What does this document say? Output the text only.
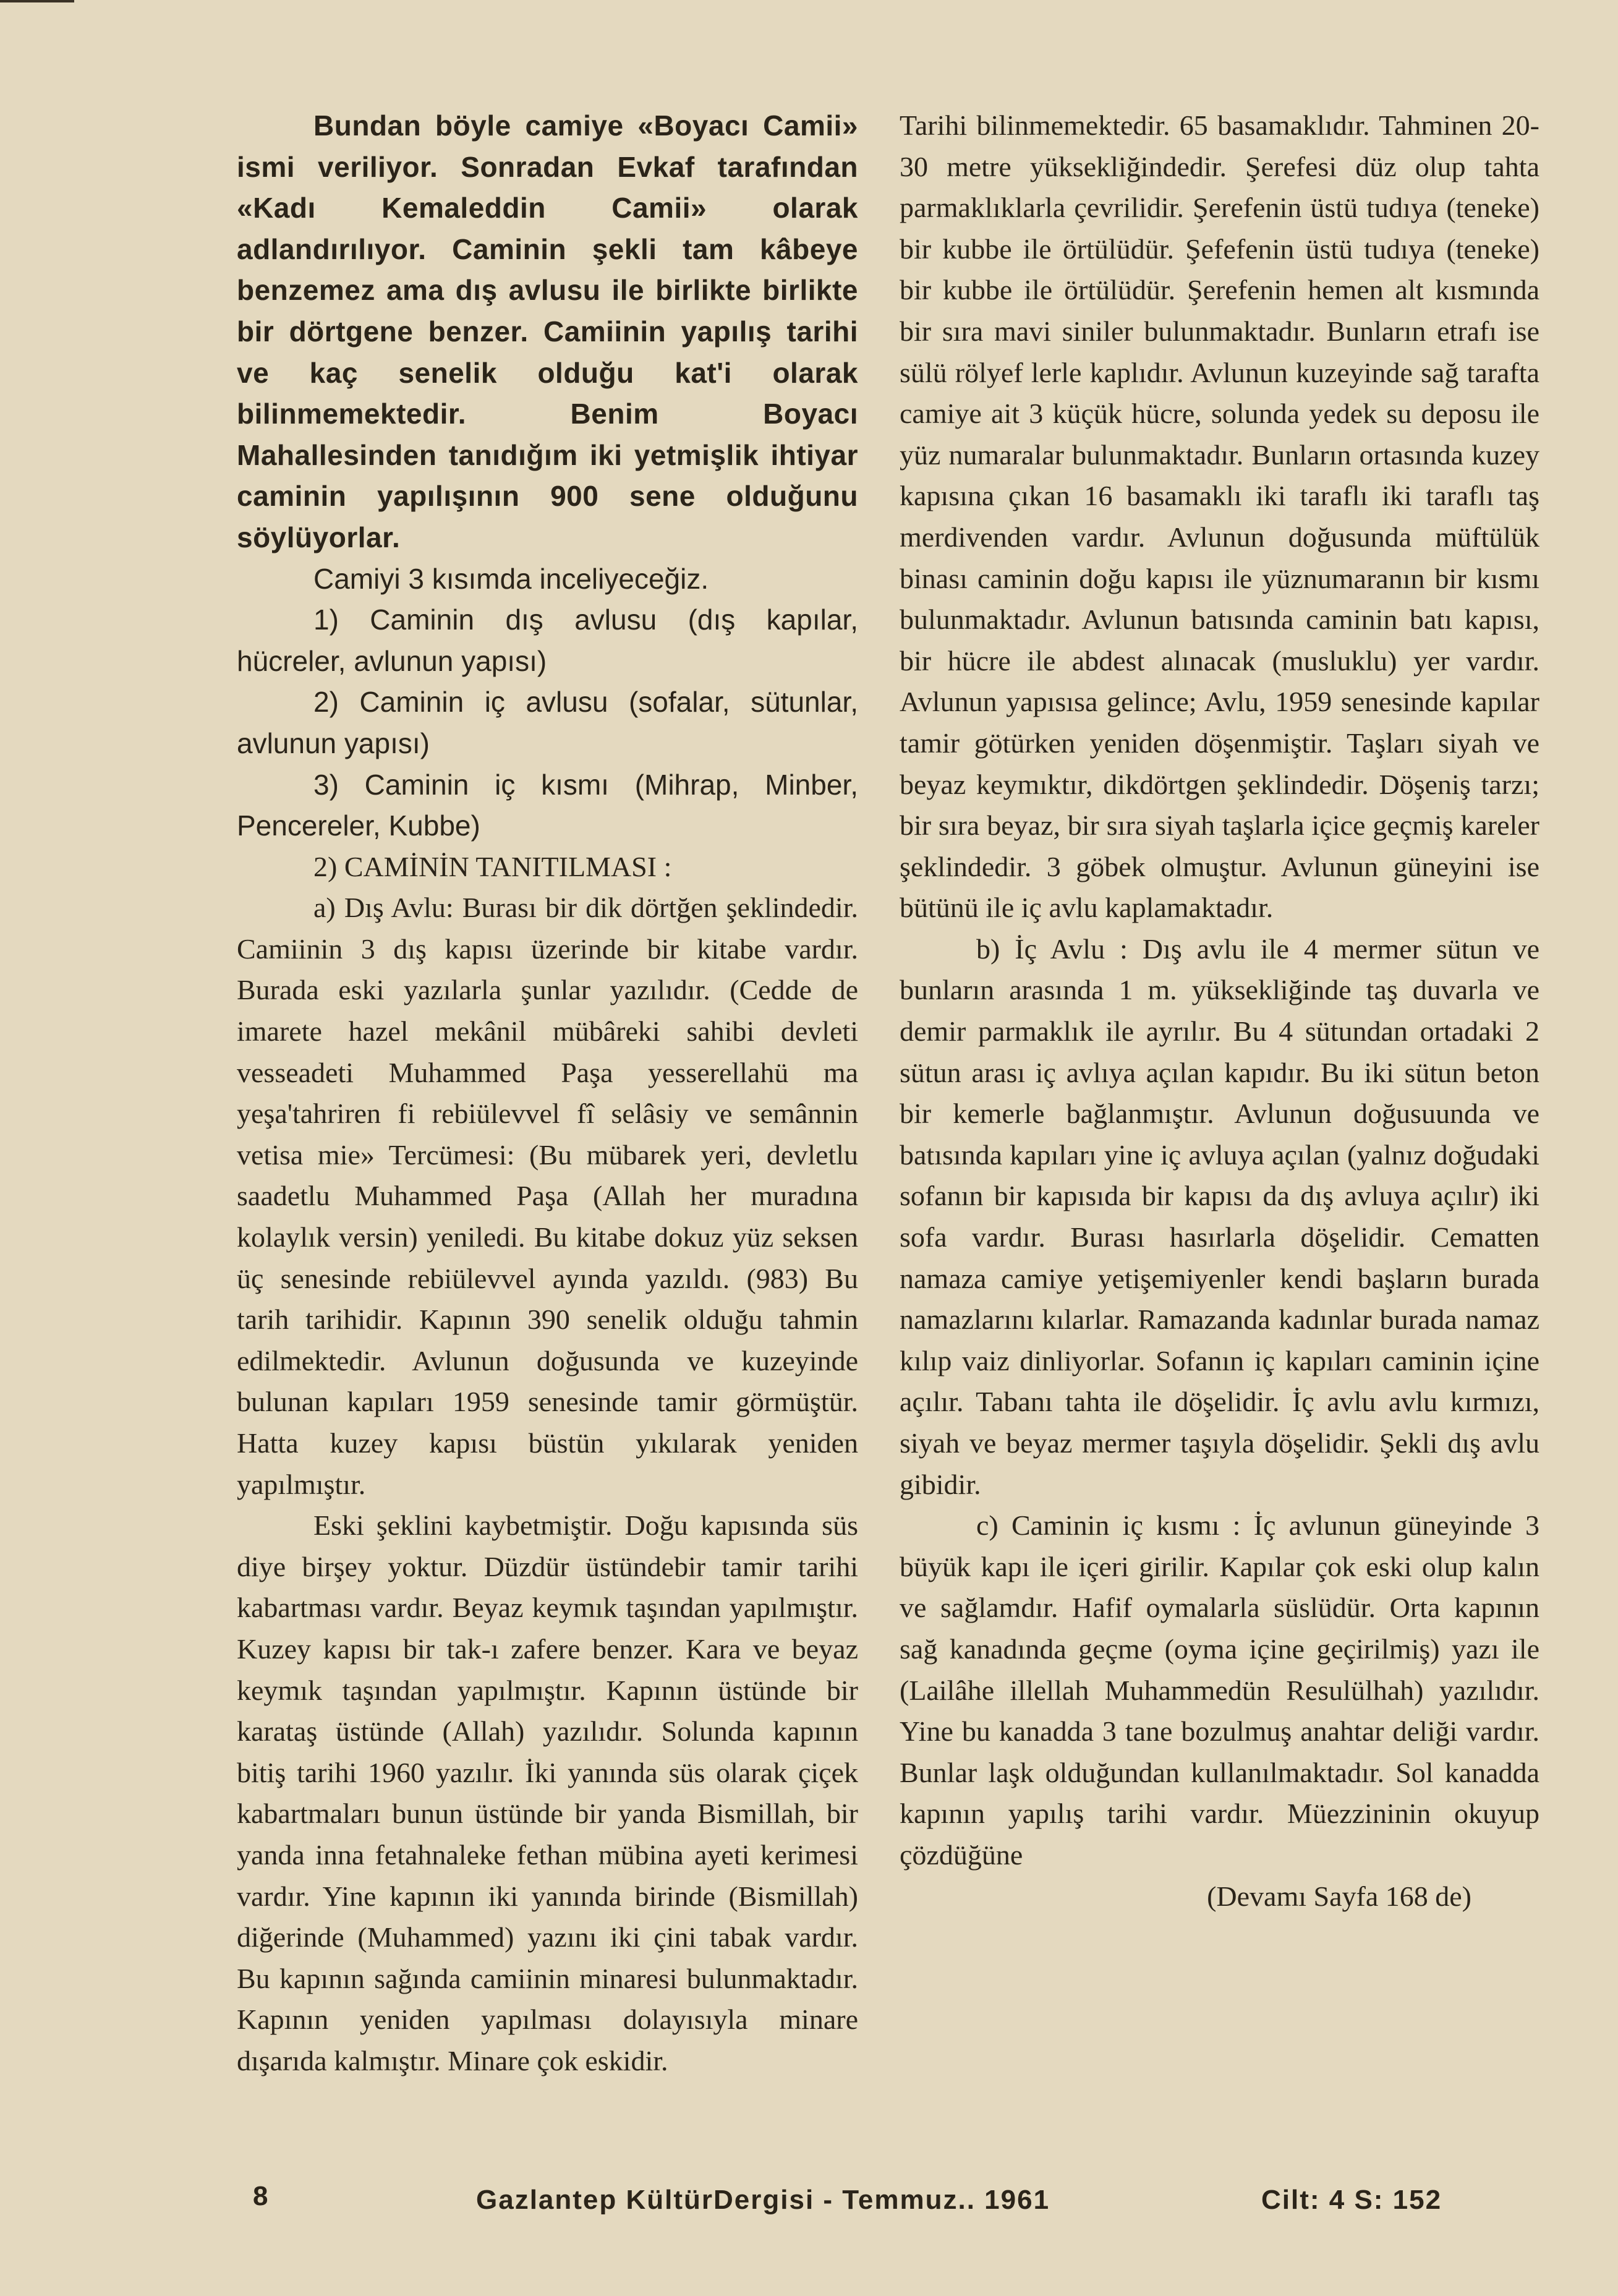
Bundan böyle camiye «Boyacı Camii» ismi veriliyor. Sonradan Evkaf tarafından «Kadı Kemaleddin Camii» olarak adlandırılıyor. Caminin şekli tam kâbeye benzemez ama dış avlusu ile birlikte birlikte bir dörtgene benzer. Camiinin yapılış tarihi ve kaç senelik olduğu kat'i olarak bilinmemektedir. Benim Boyacı Mahallesinden tanıdığım iki yetmişlik ihtiyar caminin yapılışının 900 sene olduğunu söylüyorlar.

Camiyi 3 kısımda inceliyeceğiz.

1) Caminin dış avlusu (dış kapılar, hücreler, avlunun yapısı)

2) Caminin iç avlusu (sofalar, sütunlar, avlunun yapısı)

3) Caminin iç kısmı (Mihrap, Minber, Pencereler, Kubbe)

2) CAMİNİN TANITILMASI :

a) Dış Avlu: Burası bir dik dörtğen şeklindedir. Camiinin 3 dış kapısı üzerinde bir kitabe vardır. Burada eski yazılarla şunlar yazılıdır. (Cedde de imarete hazel mekânil mübâreki sahibi devleti vesseadeti Muhammed Paşa yesserellahü ma yeşa'tahriren fi rebiülevvel fî selâsiy ve semânnin vetisa mie» Tercümesi: (Bu mübarek yeri, devletlu saadetlu Muhammed Paşa (Allah her muradına kolaylık versin) yeniledi. Bu kitabe dokuz yüz seksen üç senesinde rebiülevvel ayında yazıldı. (983) Bu tarih tarihidir. Kapının 390 senelik olduğu tahmin edilmektedir. Avlunun doğusunda ve kuzeyinde bulunan kapıları 1959 senesinde tamir görmüştür. Hatta kuzey kapısı büstün yıkılarak yeniden yapılmıştır.

Eski şeklini kaybetmiştir. Doğu kapısında süs diye birşey yoktur. Düzdür üstündebir tamir tarihi kabartması vardır. Beyaz keymık taşından yapılmıştır. Kuzey kapısı bir tak-ı zafere benzer. Kara ve beyaz keymık taşından yapılmıştır. Kapının üstünde bir karataş üstünde (Allah) yazılıdır. Solunda kapının bitiş tarihi 1960 yazılır. İki yanında süs olarak çiçek kabartmaları bunun üstünde bir yanda Bismillah, bir yanda inna fetahnaleke fethan mübina ayeti kerimesi vardır. Yine kapının iki yanında birinde (Bismillah) diğerinde (Muhammed) yazını iki çini tabak vardır. Bu kapının sağında camiinin minaresi bulunmaktadır. Kapının yeniden yapılması dolayısıyla minare dışarıda kalmıştır. Minare çok eskidir.

Tarihi bilinmemektedir. 65 basamaklıdır. Tahminen 20-30 metre yüksekliğindedir. Şerefesi düz olup tahta parmaklıklarla çevrilidir. Şerefenin üstü tudıya (teneke) bir kubbe ile örtülüdür. Şefefenin üstü tudıya (teneke) bir kubbe ile örtülüdür. Şerefenin hemen alt kısmında bir sıra mavi siniler bulunmaktadır. Bunların etrafı ise sülü rölyef lerle kaplıdır. Avlunun kuzeyinde sağ tarafta camiye ait 3 küçük hücre, solunda yedek su deposu ile yüz numaralar bulunmaktadır. Bunların ortasında kuzey kapısına çıkan 16 basamaklı iki taraflı iki taraflı taş merdivenden vardır. Avlunun doğusunda müftülük binası caminin doğu kapısı ile yüznumaranın bir kısmı bulunmaktadır. Avlunun batısında caminin batı kapısı, bir hücre ile abdest alınacak (musluklu) yer vardır. Avlunun yapısısa gelince; Avlu, 1959 senesinde kapılar tamir götürken yeniden döşenmiştir. Taşları siyah ve beyaz keymıktır, dikdörtgen şeklindedir. Döşeniş tarzı; bir sıra beyaz, bir sıra siyah taşlarla içice geçmiş kareler şeklindedir. 3 göbek olmuştur. Avlunun güneyini ise bütünü ile iç avlu kaplamaktadır.

b) İç Avlu : Dış avlu ile 4 mermer sütun ve bunların arasında 1 m. yüksekliğinde taş duvarla ve demir parmaklık ile ayrılır. Bu 4 sütundan ortadaki 2 sütun arası iç avlıya açılan kapıdır. Bu iki sütun beton bir kemerle bağlanmıştır. Avlunun doğusuunda ve batısında kapıları yine iç avluya açılan (yalnız doğudaki sofanın bir kapısıda bir kapısı da dış avluya açılır) iki sofa vardır. Burası hasırlarla döşelidir. Cematten namaza camiye yetişemiyenler kendi başların burada namazlarını kılarlar. Ramazanda kadınlar burada namaz kılıp vaiz dinliyorlar. Sofanın iç kapıları caminin içine açılır. Tabanı tahta ile döşelidir. İç avlu avlu kırmızı, siyah ve beyaz mermer taşıyla döşelidir. Şekli dış avlu gibidir.

c) Caminin iç kısmı : İç avlunun güneyinde 3 büyük kapı ile içeri girilir. Kapılar çok eski olup kalın ve sağlamdır. Hafif oymalarla süslüdür. Orta kapının sağ kanadında geçme (oyma içine geçirilmiş) yazı ile (Lailâhe illellah Muhammedün Resulülhah) yazılıdır. Yine bu kanadda 3 tane bozulmuş anahtar deliği vardır. Bunlar laşk olduğundan kullanılmaktadır. Sol kanadda kapının yapılış tarihi vardır. Müezzininin okuyup çözdüğüne

(Devamı Sayfa 168 de)

8	Gazlantep KültürDergisi - Temmuz.. 1961	Cilt: 4 S: 152
